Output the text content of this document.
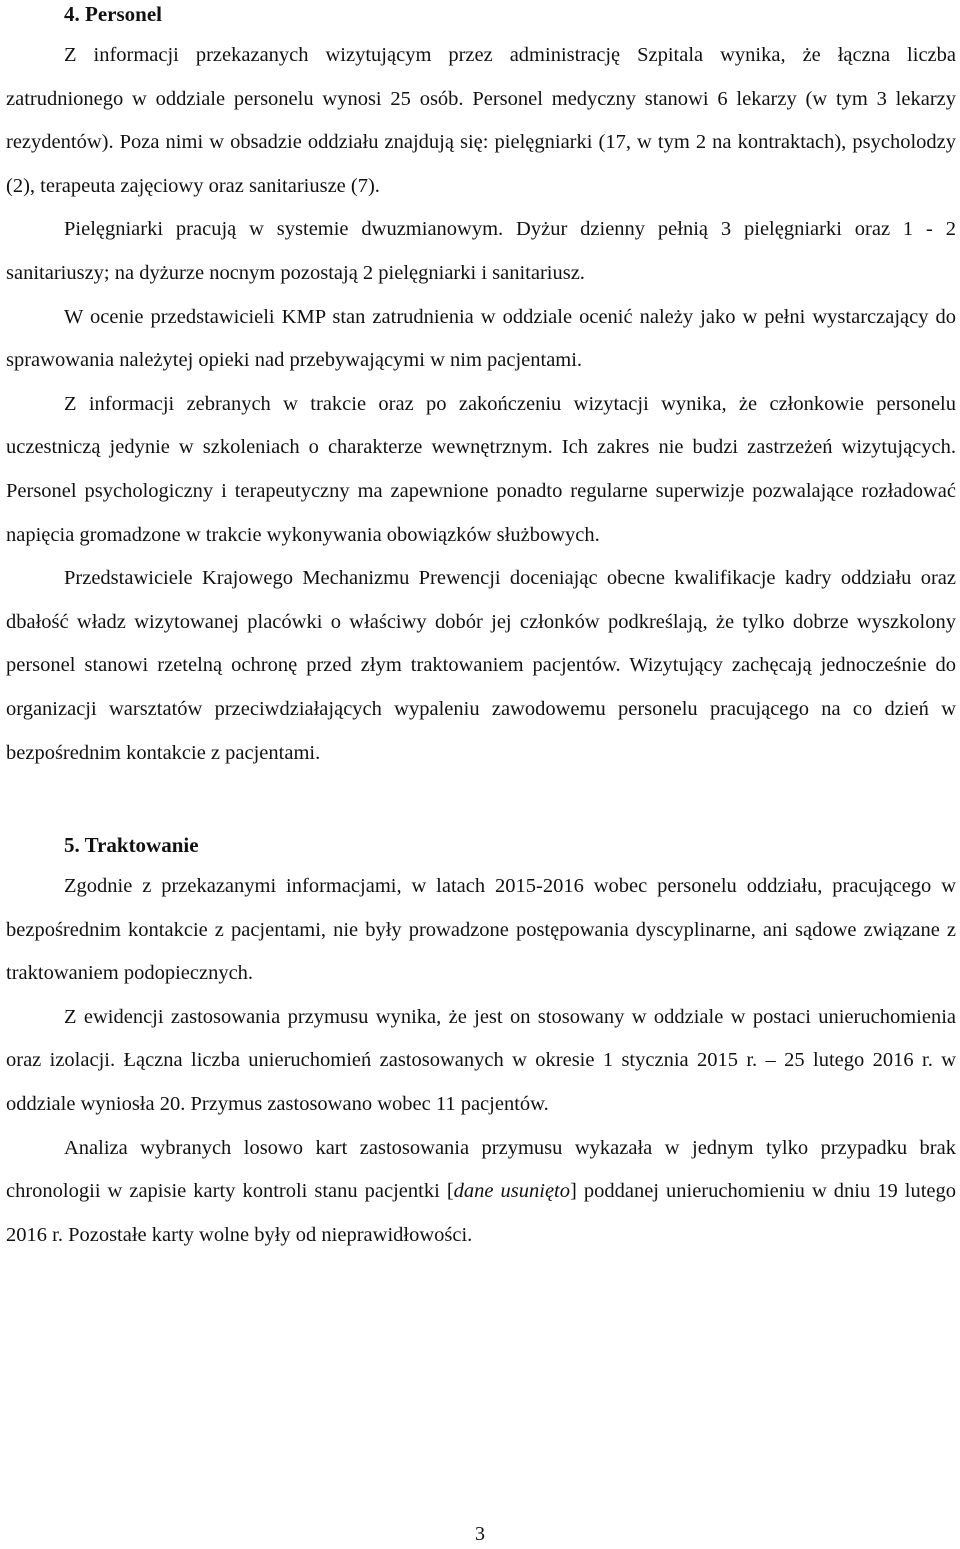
4. Personel

Z informacji przekazanych wizytującym przez administrację Szpitala wynika, że łączna liczba zatrudnionego w oddziale personelu wynosi 25 osób. Personel medyczny stanowi 6 lekarzy (w tym 3 lekarzy rezydentów). Poza nimi w obsadzie oddziału znajdują się: pielęgniarki (17, w tym 2 na kontraktach), psycholodzy (2), terapeuta zajęciowy oraz sanitariusze (7).

Pielęgniarki pracują w systemie dwuzmianowym. Dyżur dzienny pełnią 3 pielęgniarki oraz 1 - 2 sanitariuszy; na dyżurze nocnym pozostają 2 pielęgniarki i sanitariusz.

W ocenie przedstawicieli KMP stan zatrudnienia w oddziale ocenić należy jako w pełni wystarczający do sprawowania należytej opieki nad przebywającymi w nim pacjentami.

Z informacji zebranych w trakcie oraz po zakończeniu wizytacji wynika, że członkowie personelu uczestniczą jedynie w szkoleniach o charakterze wewnętrznym. Ich zakres nie budzi zastrzeżeń wizytujących. Personel psychologiczny i terapeutyczny ma zapewnione ponadto regularne superwizje pozwalające rozładować napięcia gromadzone w trakcie wykonywania obowiązków służbowych.

Przedstawiciele Krajowego Mechanizmu Prewencji doceniając obecne kwalifikacje kadry oddziału oraz dbałość władz wizytowanej placówki o właściwy dobór jej członków podkreślają, że tylko dobrze wyszkolony personel stanowi rzetelną ochronę przed złym traktowaniem pacjentów. Wizytujący zachęcają jednocześnie do organizacji warsztatów przeciwdziałających wypaleniu zawodowemu personelu pracującego na co dzień w bezpośrednim kontakcie z pacjentami.

5. Traktowanie

Zgodnie z przekazanymi informacjami, w latach 2015-2016 wobec personelu oddziału, pracującego w bezpośrednim kontakcie z pacjentami, nie były prowadzone postępowania dyscyplinarne, ani sądowe związane z traktowaniem podopiecznych.

Z ewidencji zastosowania przymusu wynika, że jest on stosowany w oddziale w postaci unieruchomienia oraz izolacji. Łączna liczba unieruchomień zastosowanych w okresie 1 stycznia 2015 r. – 25 lutego 2016 r. w oddziale wyniosła 20. Przymus zastosowano wobec 11 pacjentów.

Analiza wybranych losowo kart zastosowania przymusu wykazała w jednym tylko przypadku brak chronologii w zapisie karty kontroli stanu pacjentki [dane usunięto] poddanej unieruchomieniu w dniu 19 lutego 2016 r. Pozostałe karty wolne były od nieprawidłowości.

3
